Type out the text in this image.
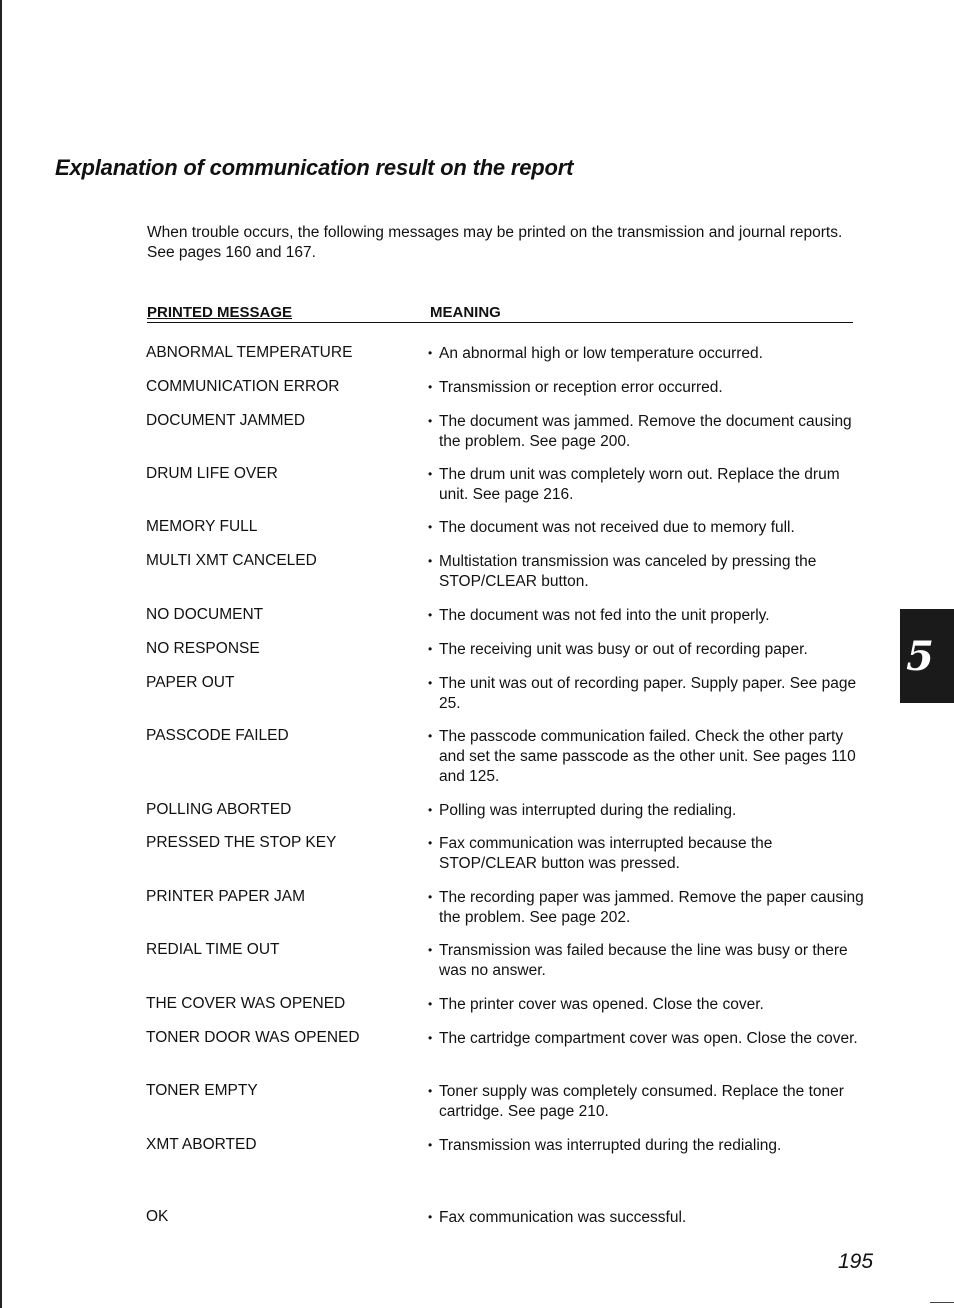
Explanation of communication result on the report

When trouble occurs, the following messages may be printed on the transmission and journal reports. See pages 160 and 167.

PRINTED MESSAGE	MEANING
ABNORMAL TEMPERATURE	• An abnormal high or low temperature occurred.
COMMUNICATION ERROR	• Transmission or reception error occurred.
DOCUMENT JAMMED	• The document was jammed. Remove the document causing the problem. See page 200.
DRUM LIFE OVER	• The drum unit was completely worn out. Replace the drum unit. See page 216.
MEMORY FULL	• The document was not received due to memory full.
MULTI XMT CANCELED	• Multistation transmission was canceled by pressing the STOP/CLEAR button.
NO DOCUMENT	• The document was not fed into the unit properly.
NO RESPONSE	• The receiving unit was busy or out of recording paper.
PAPER OUT	• The unit was out of recording paper. Supply paper. See page 25.
PASSCODE FAILED	• The passcode communication failed. Check the other party and set the same passcode as the other unit. See pages 110 and 125.
POLLING ABORTED	• Polling was interrupted during the redialing.
PRESSED THE STOP KEY	• Fax communication was interrupted because the STOP/CLEAR button was pressed.
PRINTER PAPER JAM	• The recording paper was jammed. Remove the paper causing the problem. See page 202.
REDIAL TIME OUT	• Transmission was failed because the line was busy or there was no answer.
THE COVER WAS OPENED	• The printer cover was opened. Close the cover.
TONER DOOR WAS OPENED	• The cartridge compartment cover was open. Close the cover.
TONER EMPTY	• Toner supply was completely consumed. Replace the toner cartridge. See page 210.
XMT ABORTED	• Transmission was interrupted during the redialing.
OK	• Fax communication was successful.
5
195
